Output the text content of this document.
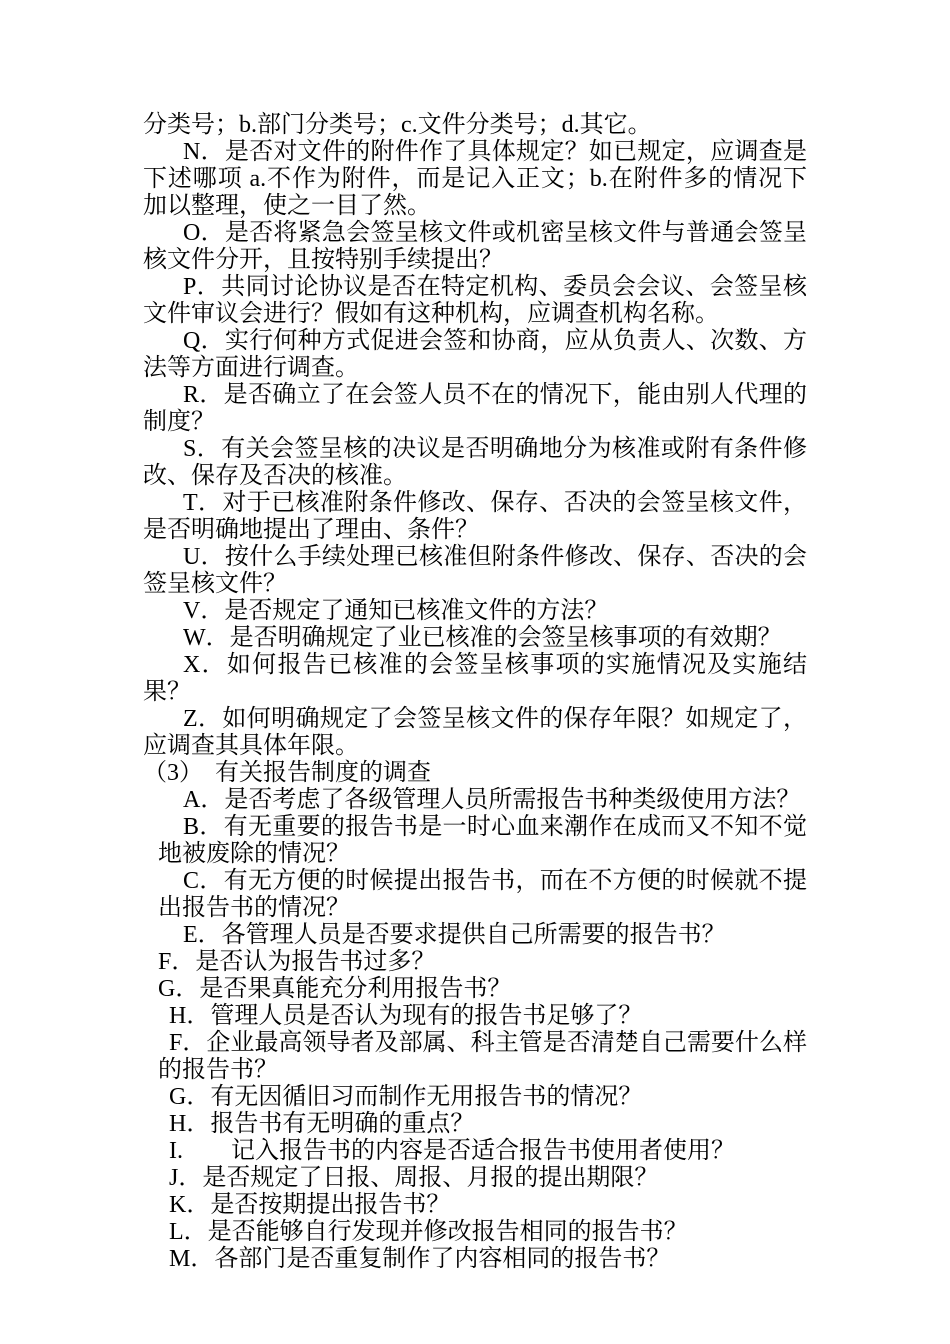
分类号；b.部门分类号；c.文件分类号；d.其它。
N．是否对文件的附件作了具体规定？如已规定，应调查是下述哪项 a.不作为附件，而是记入正文；b.在附件多的情况下加以整理，使之一目了然。
O．是否将紧急会签呈核文件或机密呈核文件与普通会签呈核文件分开，且按特别手续提出？
P．共同讨论协议是否在特定机构、委员会会议、会签呈核文件审议会进行？假如有这种机构，应调查机构名称。
Q．实行何种方式促进会签和协商，应从负责人、次数、方法等方面进行调查。
R．是否确立了在会签人员不在的情况下，能由别人代理的制度？
S．有关会签呈核的决议是否明确地分为核准或附有条件修改、保存及否决的核准。
T．对于已核准附条件修改、保存、否决的会签呈核文件，是否明确地提出了理由、条件？
U．按什么手续处理已核准但附条件修改、保存、否决的会签呈核文件？
V．是否规定了通知已核准文件的方法？
W．是否明确规定了业已核准的会签呈核事项的有效期？
X．如何报告已核准的会签呈核事项的实施情况及实施结果？
Z．如何明确规定了会签呈核文件的保存年限？如规定了，应调查其具体年限。
（3）　有关报告制度的调查
A．是否考虑了各级管理人员所需报告书种类级使用方法？
B．有无重要的报告书是一时心血来潮作在成而又不知不觉地被废除的情况？
C．有无方便的时候提出报告书，而在不方便的时候就不提出报告书的情况？
E．各管理人员是否要求提供自己所需要的报告书？
F．是否认为报告书过多？
G．是否果真能充分利用报告书？
H．管理人员是否认为现有的报告书足够了？
F．企业最高领导者及部属、科主管是否清楚自己需要什么样的报告书？
G．有无因循旧习而制作无用报告书的情况？
H．报告书有无明确的重点？
I.　　记入报告书的内容是否适合报告书使用者使用？
J．是否规定了日报、周报、月报的提出期限？
K．是否按期提出报告书？
L．是否能够自行发现并修改报告相同的报告书？
M．各部门是否重复制作了内容相同的报告书？
